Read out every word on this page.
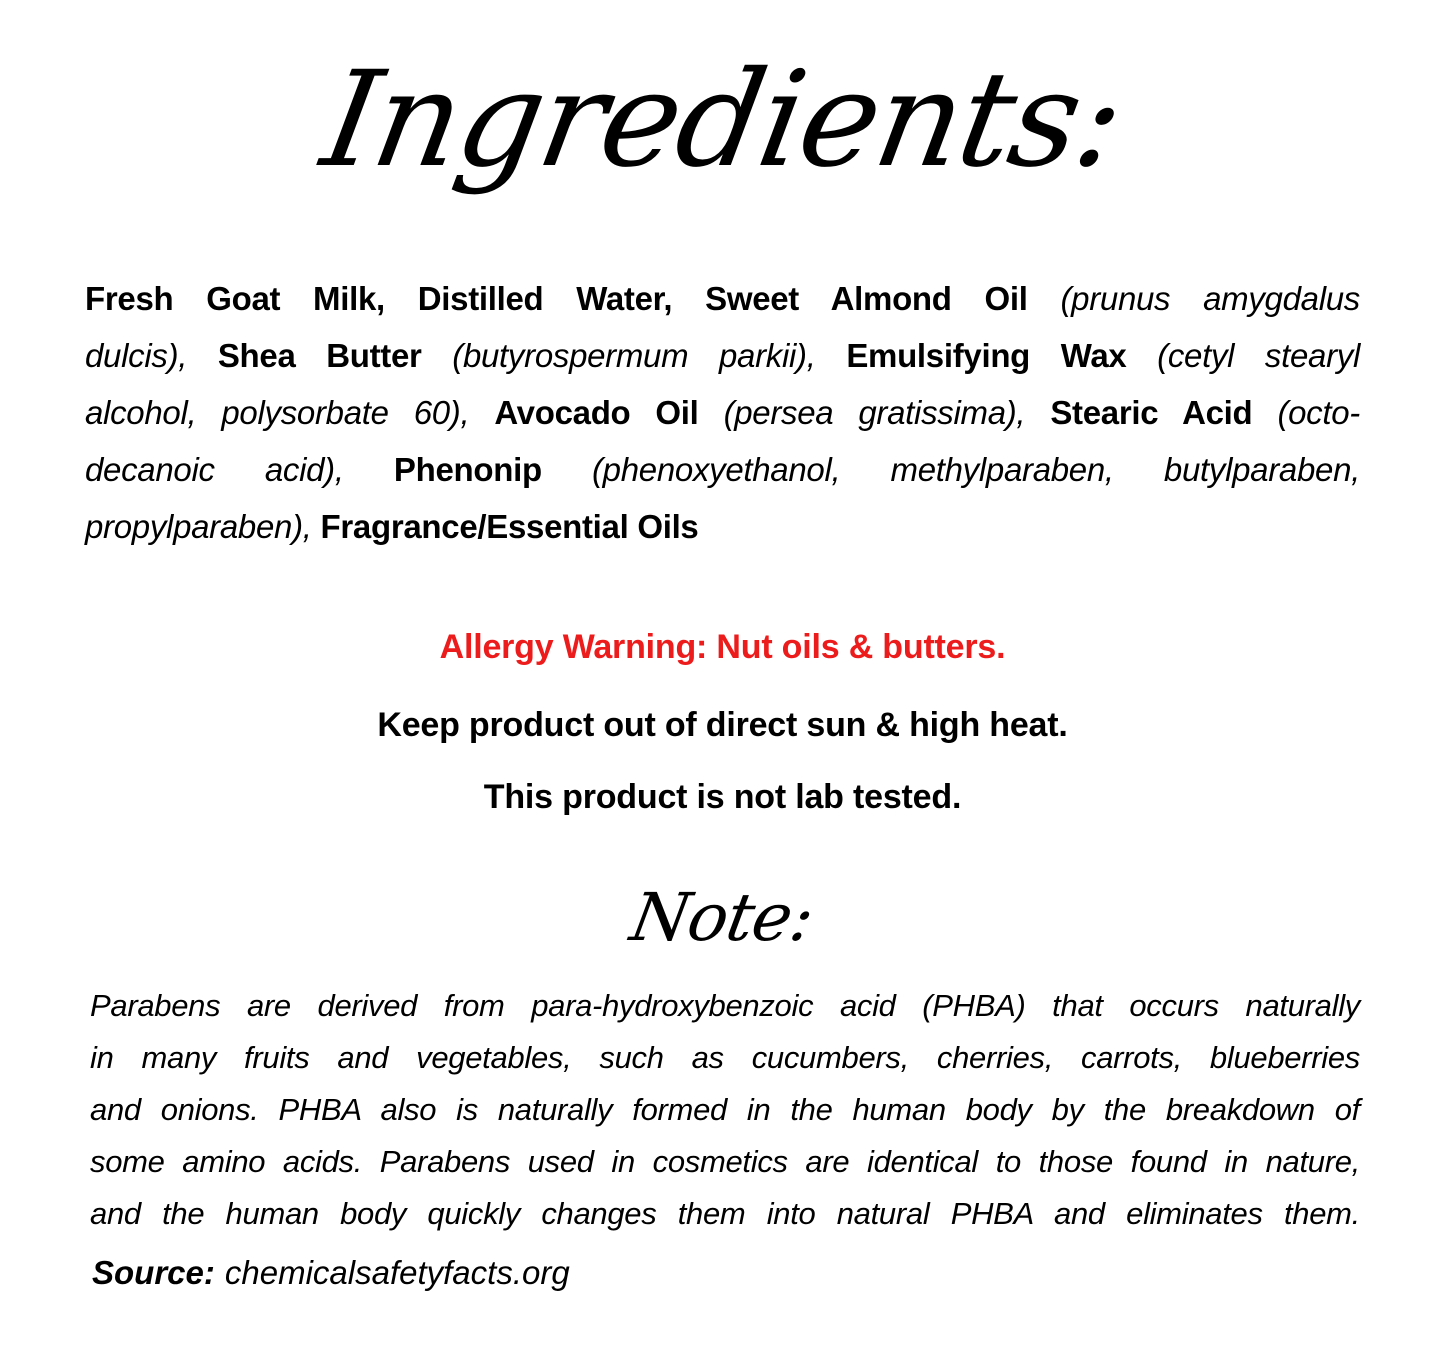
Ingredients:
Fresh Goat Milk, Distilled Water, Sweet Almond Oil (prunus amygdalus
dulcis), Shea Butter (butyrospermum parkii), Emulsifying Wax (cetyl stearyl
alcohol, polysorbate 60), Avocado Oil (persea gratissima), Stearic Acid (octo-
decanoic acid), Phenonip (phenoxyethanol, methylparaben, butylparaben,
propylparaben), Fragrance/Essential Oils
Allergy Warning: Nut oils & butters.
Keep product out of direct sun & high heat.
This product is not lab tested.
Note:
Parabens are derived from para-hydroxybenzoic acid (PHBA) that occurs naturally
in many fruits and vegetables, such as cucumbers, cherries, carrots, blueberries
and onions. PHBA also is naturally formed in the human body by the breakdown of
some amino acids. Parabens used in cosmetics are identical to those found in nature,
and the human body quickly changes them into natural PHBA and eliminates them.
Source: chemicalsafetyfacts.org
